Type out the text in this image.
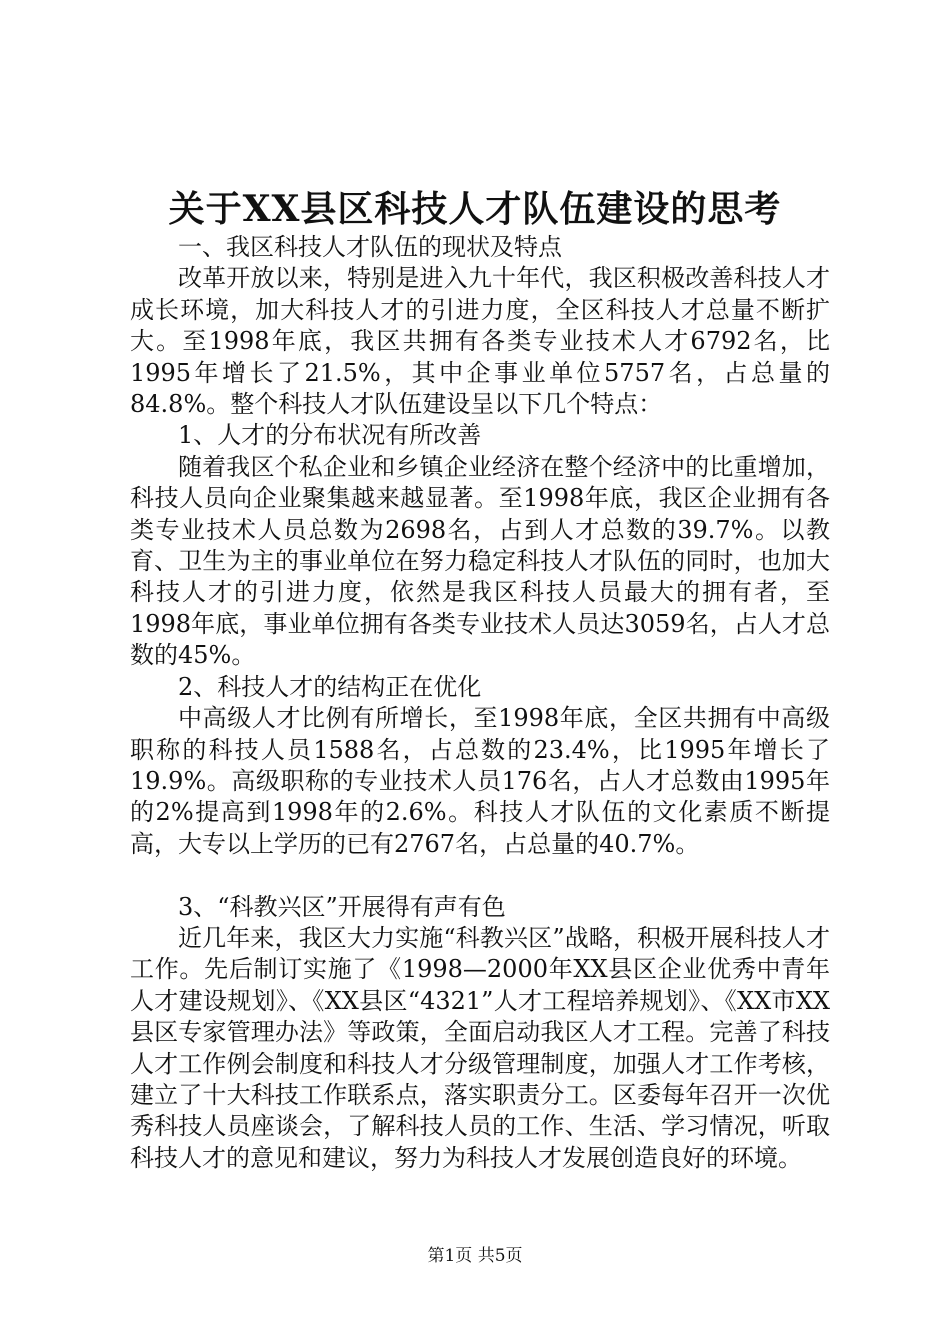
关于XX县区科技人才队伍建设的思考

一、我区科技人才队伍的现状及特点

改革开放以来，特别是进入九十年代，我区积极改善科技人才成长环境，加大科技人才的引进力度，全区科技人才总量不断扩大。至1998年底，我区共拥有各类专业技术人才6792名，比1995年增长了21.5%，其中企事业单位5757名，占总量的84.8%。整个科技人才队伍建设呈以下几个特点：

1、人才的分布状况有所改善

随着我区个私企业和乡镇企业经济在整个经济中的比重增加，科技人员向企业聚集越来越显著。至1998年底，我区企业拥有各类专业技术人员总数为2698名，占到人才总数的39.7%。以教育、卫生为主的事业单位在努力稳定科技人才队伍的同时，也加大科技人才的引进力度，依然是我区科技人员最大的拥有者，至1998年底，事业单位拥有各类专业技术人员达3059名，占人才总数的45%。

2、科技人才的结构正在优化

中高级人才比例有所增长，至1998年底，全区共拥有中高级职称的科技人员1588名，占总数的23.4%，比1995年增长了19.9%。高级职称的专业技术人员176名，占人才总数由1995年的2%提高到1998年的2.6%。科技人才队伍的文化素质不断提高，大专以上学历的已有2767名，占总量的40.7%。

3、“科教兴区”开展得有声有色

近几年来，我区大力实施“科教兴区”战略，积极开展科技人才工作。先后制订实施了《1998—2000年XX县区企业优秀中青年人才建设规划》、《XX县区“4321”人才工程培养规划》、《XX市XX县区专家管理办法》等政策，全面启动我区人才工程。完善了科技人才工作例会制度和科技人才分级管理制度，加强人才工作考核，建立了十大科技工作联系点，落实职责分工。区委每年召开一次优秀科技人员座谈会，了解科技人员的工作、生活、学习情况，听取科技人才的意见和建议，努力为科技人才发展创造良好的环境。

第1页 共5页
